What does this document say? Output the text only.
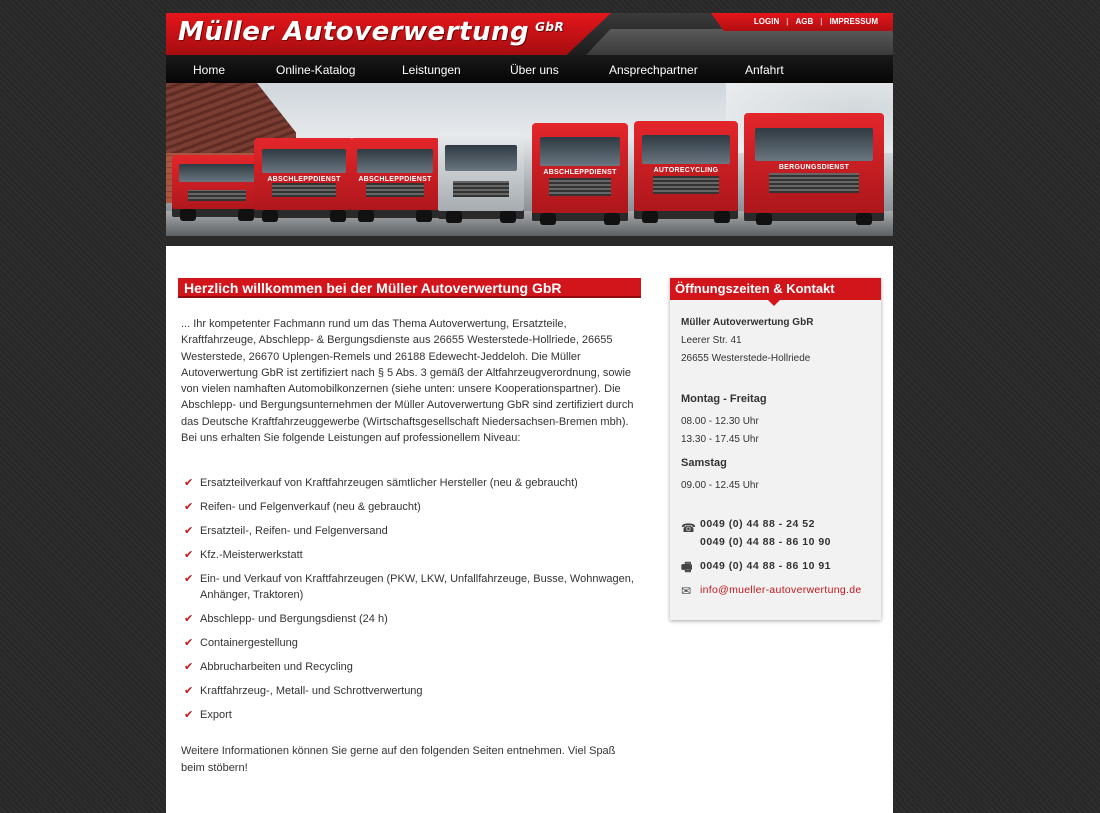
Müller Autoverwertung $^{GbR}$	LOGIN | AGB | IMPRESSUM
Home	Online-Katalog	Leistungen	Über uns	Ansprechpartner	Anfahrt
ABSCHLEPPDIENST	ABSCHLEPPDIENST
ABSCHLEPPDIENST	AUTORECYCLING	BERGUNGSDIENST
Herzlich willkommen bei der Müller Autoverwertung GbR

... Ihr kompetenter Fachmann rund um das Thema Autoverwertung, Ersatzteile, Kraftfahrzeuge, Abschlepp- & Bergungsdienste aus 26655 Westerstede-Hollriede, 26655 Westerstede, 26670 Uplengen-Remels und 26188 Edewecht-Jeddeloh. Die Müller Autoverwertung GbR ist zertifiziert nach § 5 Abs. 3 gemäß der Altfahrzeugverordnung, sowie von vielen namhaften Automobilkonzernen (siehe unten: unsere Kooperationspartner). Die Abschlepp- und Bergungsunternehmen der Müller Autoverwertung GbR sind zertifiziert durch das Deutsche Kraftfahrzeuggewerbe (Wirtschaftsgesellschaft Niedersachsen-Bremen mbh). Bei uns erhalten Sie folgende Leistungen auf professionellem Niveau:

✔ Ersatzteilverkauf von Kraftfahrzeugen sämtlicher Hersteller (neu & gebraucht)
✔ Reifen- und Felgenverkauf (neu & gebraucht)
✔ Ersatzteil-, Reifen- und Felgenversand
✔ Kfz.-Meisterwerkstatt
✔ Ein- und Verkauf von Kraftfahrzeugen (PKW, LKW, Unfallfahrzeuge, Busse, Wohnwagen, Anhänger, Traktoren)
✔ Abschlepp- und Bergungsdienst (24 h)
✔ Containergestellung
✔ Abbrucharbeiten und Recycling
✔ Kraftfahrzeug-, Metall- und Schrottverwertung
✔ Export

Weitere Informationen können Sie gerne auf den folgenden Seiten entnehmen. Viel Spaß beim stöbern!

Öffnungszeiten & Kontakt
Müller Autoverwertung GbR
Leerer Str. 41
26655 Westerstede-Hollriede
Montag - Freitag
08.00 - 12.30 Uhr
13.30 - 17.45 Uhr
Samstag
09.00 - 12.45 Uhr
☎ 0049 (0) 44 88 - 24 52
0049 (0) 44 88 - 86 10 90
🖷 0049 (0) 44 88 - 86 10 91
✉ info@mueller-autoverwertung.de
